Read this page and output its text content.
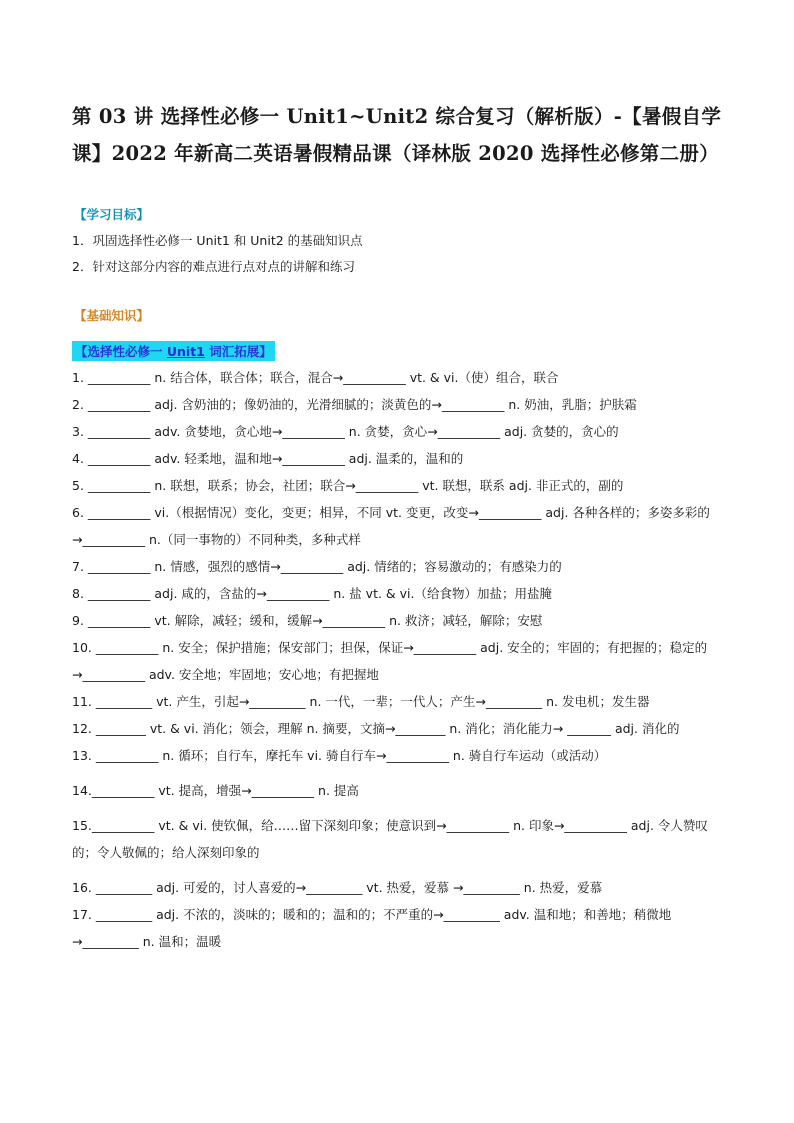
第 03 讲 选择性必修一 Unit1~Unit2 综合复习（解析版）-【暑假自学课】2022 年新高二英语暑假精品课（译林版 2020 选择性必修第二册）
【学习目标】
1．巩固选择性必修一 Unit1 和 Unit2 的基础知识点
2．针对这部分内容的难点进行点对点的讲解和练习
【基础知识】
【选择性必修一 Unit1 词汇拓展】

1. __________ n. 结合体，联合体；联合，混合→__________ vt. & vi.（使）组合，联合

2. __________ adj. 含奶油的；像奶油的，光滑细腻的；淡黄色的→__________ n. 奶油，乳脂；护肤霜

3. __________ adv. 贪婪地，贪心地→__________ n. 贪婪，贪心→__________ adj. 贪婪的，贪心的

4. __________ adv. 轻柔地，温和地→__________ adj. 温柔的，温和的

5. __________ n. 联想，联系；协会，社团；联合→__________ vt. 联想，联系 adj. 非正式的，副的

6. __________ vi.（根据情况）变化，变更；相异，不同 vt. 变更，改变→__________ adj. 各种各样的；多姿多彩的→__________ n.（同一事物的）不同种类，多种式样

7. __________ n. 情感，强烈的感情→__________ adj. 情绪的；容易激动的；有感染力的

8. __________ adj. 咸的，含盐的→__________ n. 盐 vt. & vi.（给食物）加盐；用盐腌

9. __________ vt. 解除，减轻；缓和，缓解→__________ n. 救济；减轻，解除；安慰

10. __________ n. 安全；保护措施；保安部门；担保，保证→__________ adj. 安全的；牢固的；有把握的；稳定的→__________ adv. 安全地；牢固地；安心地；有把握地

11. _________ vt. 产生，引起→_________ n. 一代，一辈；一代人；产生→_________ n. 发电机；发生器

12. ________ vt. & vi. 消化；领会，理解 n. 摘要，文摘→________ n. 消化；消化能力→ _______ adj. 消化的

13. __________ n. 循环；自行车，摩托车 vi. 骑自行车→__________ n. 骑自行车运动（或活动）

14.__________ vt. 提高，增强→__________ n. 提高

15.__________ vt. & vi. 使钦佩，给……留下深刻印象；使意识到→__________ n. 印象→__________ adj. 令人赞叹的；令人敬佩的；给人深刻印象的

16. _________ adj. 可爱的，讨人喜爱的→_________ vt. 热爱，爱慕 →_________ n. 热爱，爱慕

17. _________ adj. 不浓的，淡味的；暖和的；温和的；不严重的→_________ adv. 温和地；和善地；稍微地→_________ n. 温和；温暖
